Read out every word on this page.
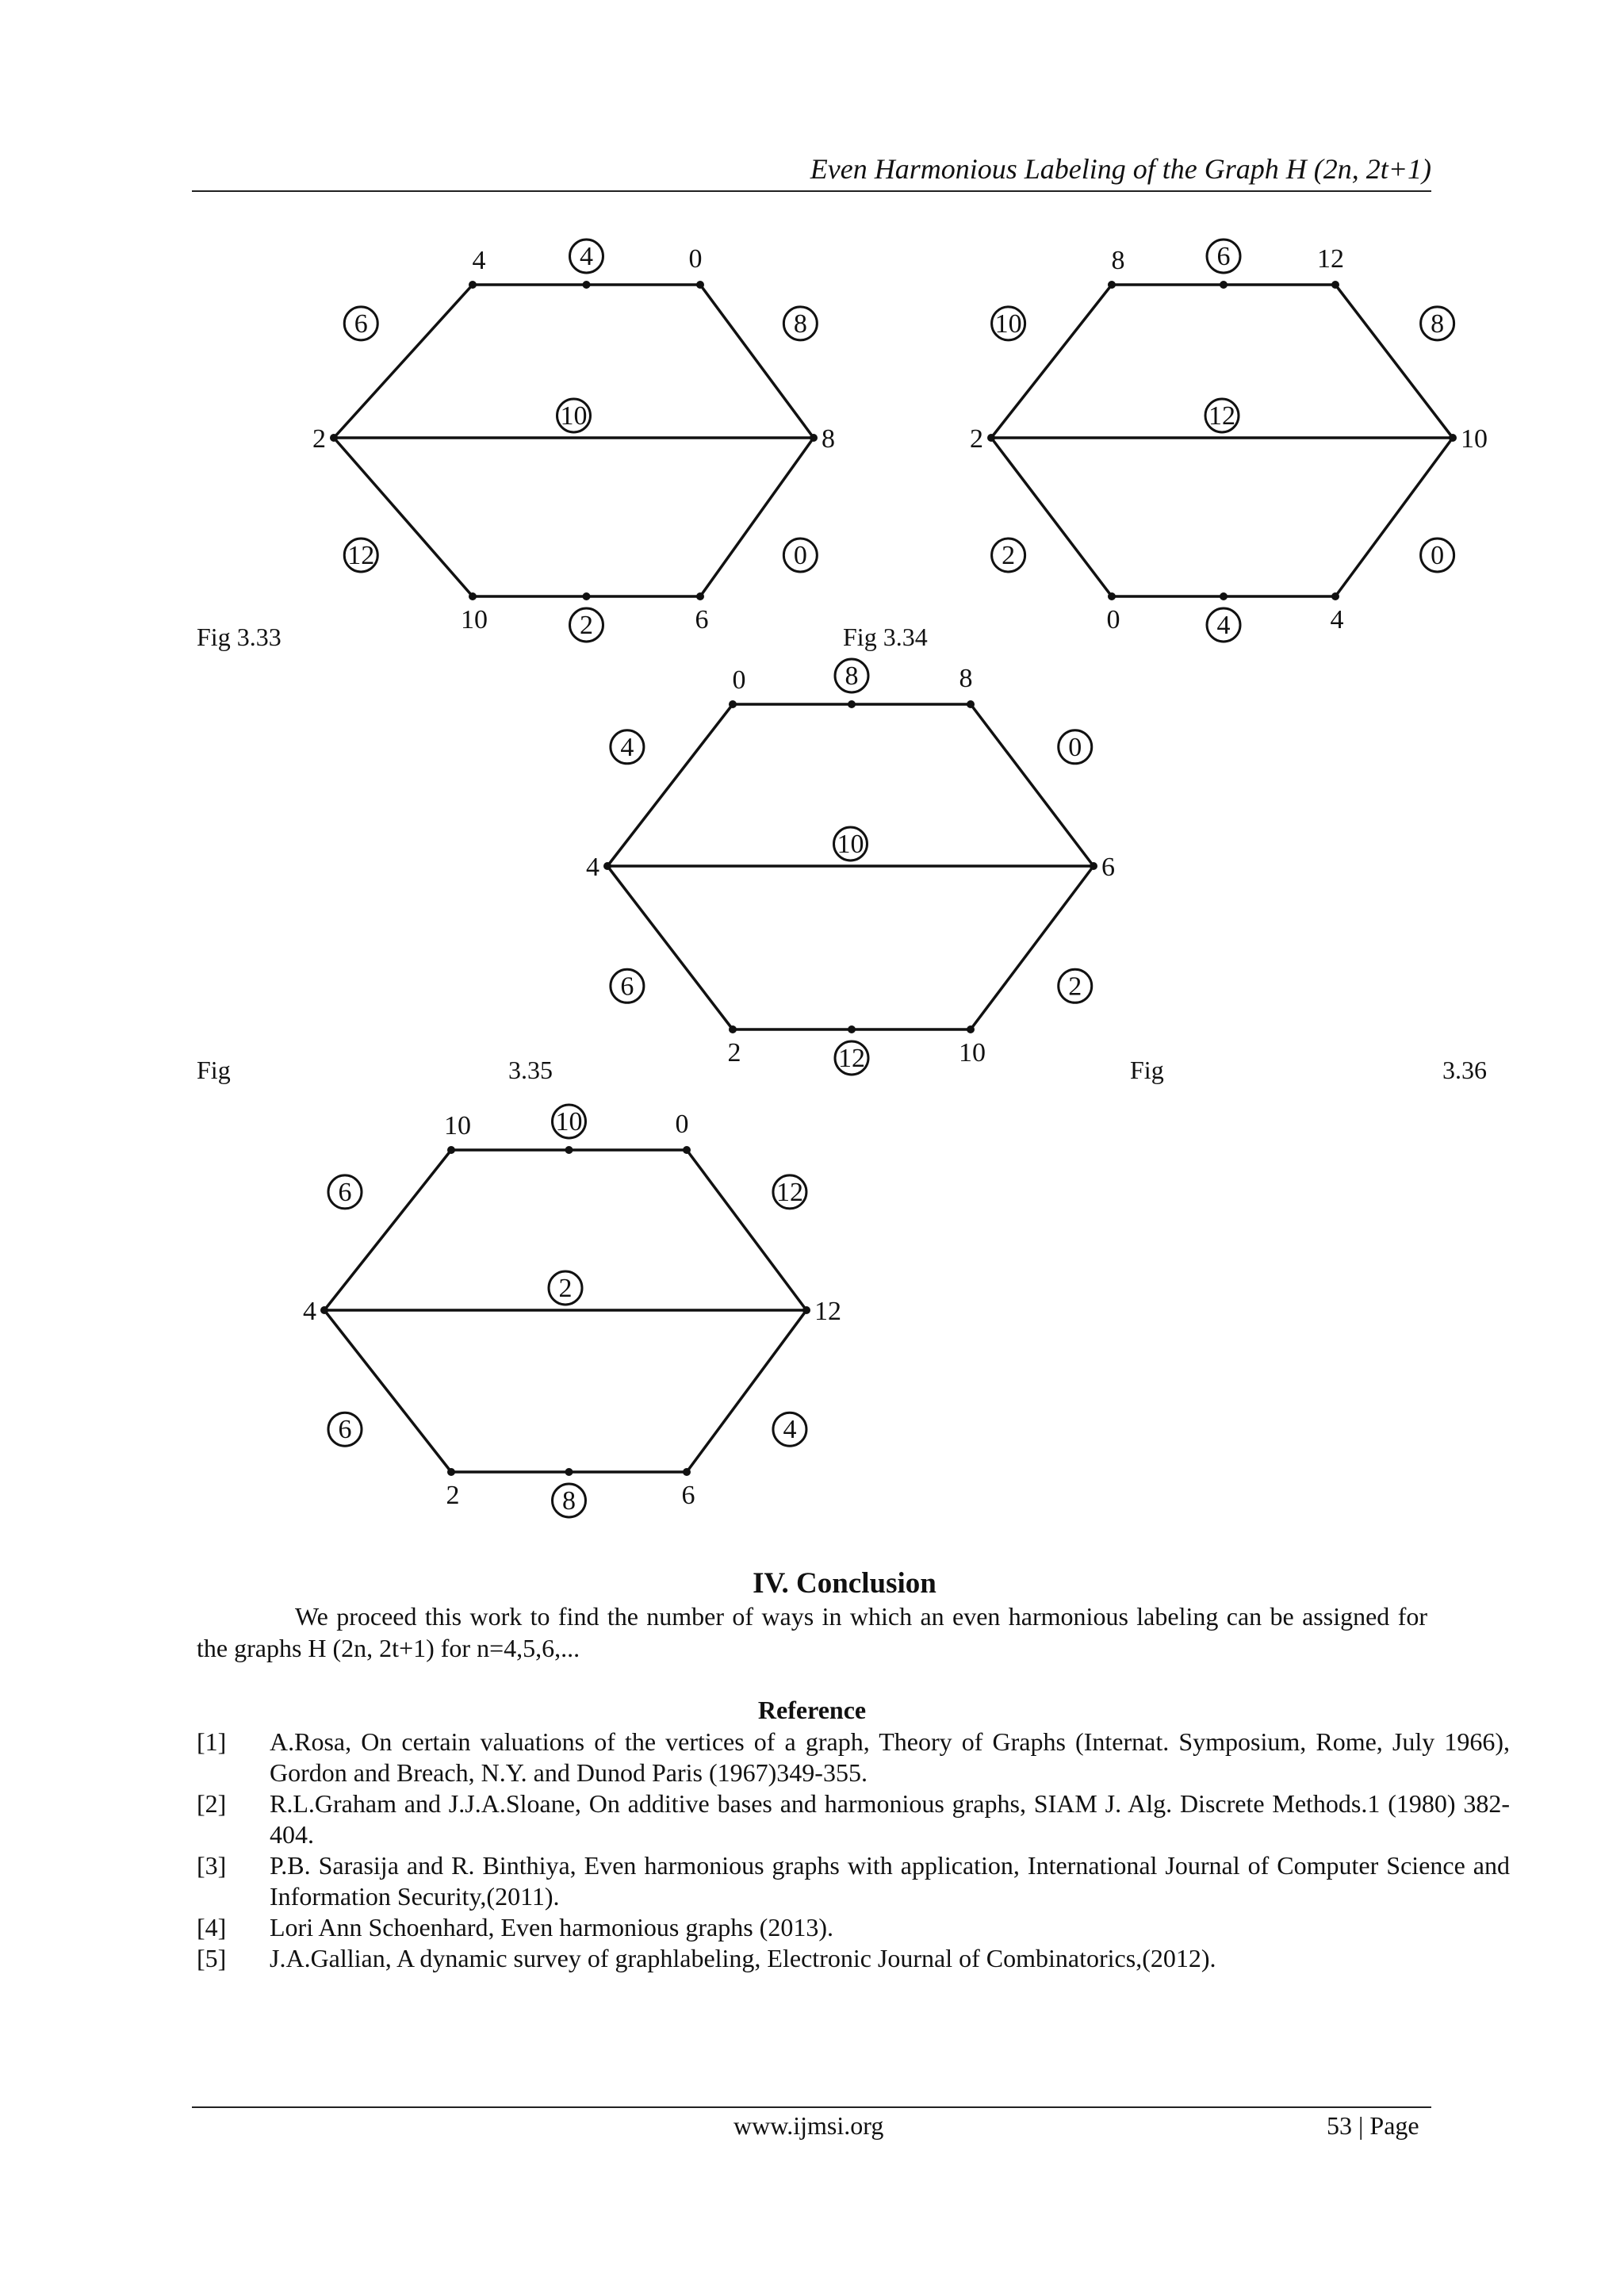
Even Harmonious Labeling of the Graph H (2n, 2t+1)
4	0
2	8
10	6
4
6	8
10
12	0
2
8	12
2	10
0	4
6
10	8
12
2	0
4
0	8
4	6
2	10
8
4	0
10
6	2
12
10	0
4	12
2	6
10
6	12
2
6	4
8
Fig 3.33	Fig 3.34
Fig	3.35	Fig	3.36
IV. Conclusion
We proceed this work to find the number of ways in which an even harmonious labeling can be assigned for the graphs H (2n, 2t+1) for n=4,5,6,...
Reference
[1] A.Rosa, On certain valuations of the vertices of a graph, Theory of Graphs (Internat. Symposium, Rome, July 1966), Gordon and Breach, N.Y. and Dunod Paris (1967)349-355.
[2] R.L.Graham and J.J.A.Sloane, On additive bases and harmonious graphs, SIAM J. Alg. Discrete Methods.1 (1980) 382-404.
[3] P.B. Sarasija and R. Binthiya, Even harmonious graphs with application, International Journal of Computer Science and Information Security,(2011).
[4] Lori Ann Schoenhard, Even harmonious graphs (2013).
[5] J.A.Gallian, A dynamic survey of graphlabeling, Electronic Journal of Combinatorics,(2012).
www.ijmsi.org	53 | Page
